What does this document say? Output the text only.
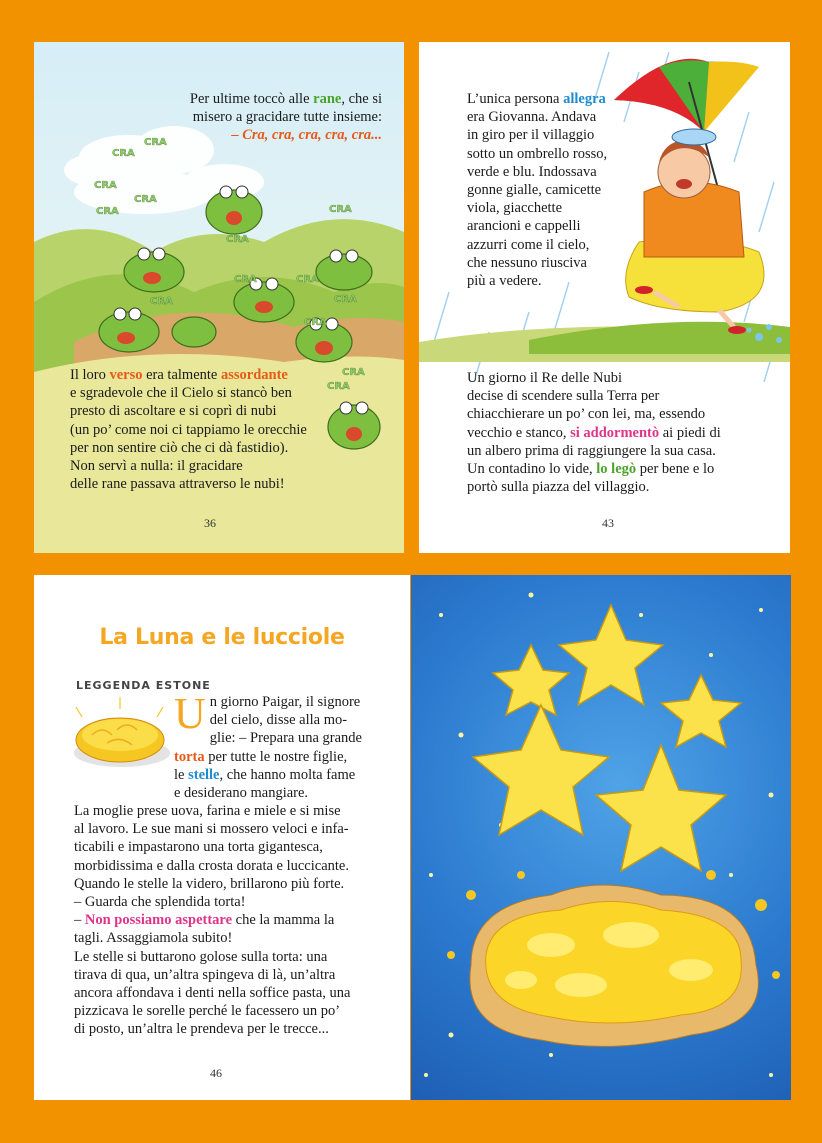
CRA
CRA
CRA
CRA
CRA
CRA
CRA
CRA
CRA
CRA
CRA
CRA
CRA
CRA

Per ultime toccò alle rane, che si

misero a gracidare tutte insieme:

– Cra, cra, cra, cra, cra...

Il loro verso era talmente assordante

e sgradevole che il Cielo si stancò ben

presto di ascoltare e si coprì di nubi

(un po’ come noi ci tappiamo le orecchie

per non sentire ciò che ci dà fastidio).

Non servì a nulla: il gracidare

delle rane passava attraverso le nubi!

36

L’unica persona allegra

era Giovanna. Andava

in giro per il villaggio

sotto un ombrello rosso,

verde e blu. Indossava

gonne gialle, camicette

viola, giacchette

arancioni e cappelli

azzurri come il cielo,

che nessuno riusciva

più a vedere.

Un giorno il Re delle Nubi

decise di scendere sulla Terra per

chiacchierare un po’ con lei, ma, essendo

vecchio e stanco, si addormentò ai piedi di

un albero prima di raggiungere la sua casa.

Un contadino lo vide, lo legò per bene e lo

portò sulla piazza del villaggio.

43
La Luna e le lucciole
LEGGENDA ESTONE
U n giorno Paigar, il signore

del cielo, disse alla mo-

glie: – Prepara una grande

torta per tutte le nostre figlie,

le stelle, che hanno molta fame

e desiderano mangiare.

La moglie prese uova, farina e miele e si mise

al lavoro. Le sue mani si mossero veloci e infa-

ticabili e impastarono una torta gigantesca,

morbidissima e dalla crosta dorata e luccicante.

Quando le stelle la videro, brillarono più forte.

– Guarda che splendida torta!

– Non possiamo aspettare che la mamma la

tagli. Assaggiamola subito!

Le stelle si buttarono golose sulla torta: una

tirava di qua, un’altra spingeva di là, un’altra

ancora affondava i denti nella soffice pasta, una

pizzicava le sorelle perché le facessero un po’

di posto, un’altra le prendeva per le trecce...

46
